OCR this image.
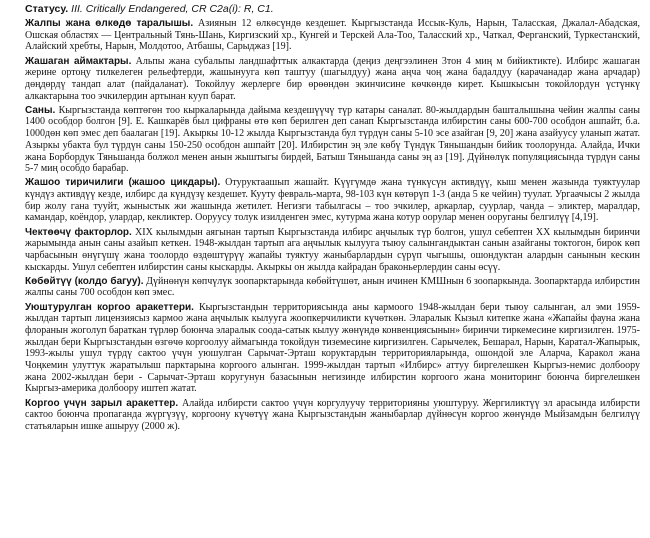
Статусу. III. Critically Endangered, CR C2a(i): R, C1.

Жалпы жана өлкөдө таралышы. Азиянын 12 өлкөсүндө кездешет. Кыргызстанда Иссык-Куль, Нарын, Таласская, Джалал-Абадская, Ошская областях — Центральный Тянь-Шань, Киргизский хр., Кунгей и Терскей Ала-Тоо, Таласский хр., Чаткал, Ферганский, Туркестанский, Алайский хребты, Нарын, Молдотоо, Атбашы, Сарыджаз [19].

Жашаган аймактары. Альпы жана субальпы ландшафттык алкактарда (деңиз деңгээлинен 3тон 4 миң м бийиктикте). Илбирс жашаган жерине ортоңу тилкелеген рельефтерди, жашынууга көп таштуу (шагылдуу) жана аңча чоң жана бадалдуу (карачанадар жана арчадар) дөңдөрдү тандап алат (пайдаланат). Токойлуу жерлергe бир өрөөндөн экинчисине көчкөндө кирет. Кышкысын токойлордун үстүнкү алкактарына тоо эчкилердин артынан кууп барат.

Саны. Кыргызстанда көптөгөн тоо кыркаларында дайыма кездешүүчү түр катары саналат. 80-жылдардын башталышына чейин жалпы саны 1400 особдор болгон [9]. Е. Кашкарёв был цифраны өтө көп берилген деп санап Кыргызстанда илбирстин саны 600-700 особдон ашпайт, б.а. 1000дөн көп эмес деп баалаган [19]. Акыркы 10-12 жылда Кыргызстанда бул түрдүн саны 5-10 эсе азайган [9, 20] жана азайууcу уланып жатат. Азыркы убакта бул түрдүн саны 150-250 особдон ашпайт [20]. Илбирстин эң эле көбү Түндүк Тяньшандын бийик тоолорунда. Алайда, Ички жана Борбордук Тяньшанда болжол менен анын жыштыгы бирдей, Батыш Тяньшанда саны эң аз [19]. Дүйнөлүк популяциясында түрдүн саны 5-7 миң особдо барабар.

Жашоо тиричилиги (жашоо цикдары). Отуруктаашып жашайт. Күүгүмдө жана түнкүсүн активдүү, кыш менен жазында туяктуулар күндүз активдүү кезде, илбирс да күндүзү кездешет. Кууту февраль-марта, 98-103 күн көтөрүп 1-3 (анда 5 ке чейин) туулат. Ургаачысы 2 жылда бир жолу гана тууйт, жыныстык жи жашында жетилет. Негизги табылгасы – тоо эчкилер, аркарлар, суурлар, чанда – эликтер, маралдар, камандар, коёндор, улардар, кекликтер. Оорууcу толук изилденген эмес, кутурма жана котур оорулар менен ооруганы белгилүү [4,19].

Чектөөчү факторлор. XIX кылымдын аягынан тартып Кыргызстанда илбирс аңчылык түр болгон, ушул себептен XX кылымдын биринчи жарымында анын саны азайып кеткен. 1948-жылдан тартып ага аңчылык кылууга тыюу салынгандыктан санын азайганы токтогон, бирок көп чарбасынын өнүгүшү жана тоолордо өздөштүрүү жапайы туяктуу жаныбарлардын сүрүп чыгышы, ошондуктан алардын санынын кескин кыскарды. Ушул себептен илбирстин саны кыскарды. Акыркы он жылда кайрадан браконьерлердин саны өсүү.

Көбөйтүү (колдо багуу). Дүйнөнүн көпчүлүк зоопарктарында көбөйтүшөт, анын ичинен КМШнын 6 зоопаркында. Зоопарктарда илбирстин жалпы саны 700 особдон көп эмес.

Уюштурулган коргоо аракеттери. Кыргызстандын территориясында аны кармоого 1948-жылдан бери тыюу салынган, ал эми 1959-жылдан тартып лицензиясыз кармоо жана аңчылык кылууга жоопкерчиликти күчөткөн. Эларалык Кызыл китепке жана «Жапайы фауна жана флоранын жоголуп бараткан түрлөр боюнча эларалык соода-сатык кылуу жөнүндө конвенциясынын» биринчи тиркемесине киргизилген. 1975-жылдан бери Кыргызстандын өзгөчө коргоолуу аймагында токойдун тиземесине киргизилген. Сарычелек, Бешарал, Нарын, Каратал-Жапырык, 1993-жылы ушул түрдү сактоо үчүн уюшулган Сарычат-Эрташ коруктардын территорияларында, ошондой эле Аларча, Каракол жана Чоңкемин улуттук жаратылыш парктарына коргоого алынган. 1999-жылдан тартып «Илбирс» аттуу биргелешкен Кыргыз-немис долбоору жана 2002-жылдан бери - Сарычат-Эрташ коругунун базасынын негизинде илбирстин коргоого жана мониторинг боюнча биргелешкен Кыргыз-америка долбоору иштеп жатат.

Коргоо үчүн зарыл аракеттер. Алайда илбирсти сактоо үчүн коргулуучу территорияны уюштуруу. Жергиликтүү эл арасында илбирсти сактоо боюнча пропаганда жүргүзүү, коргоону күчөтүү жана Кыргызстандын жаныбарлар дүйнөсүн коргоо жөнүндө Мыйзамдын белгилүү статьяларын ишке ашыруу (2000 ж).
